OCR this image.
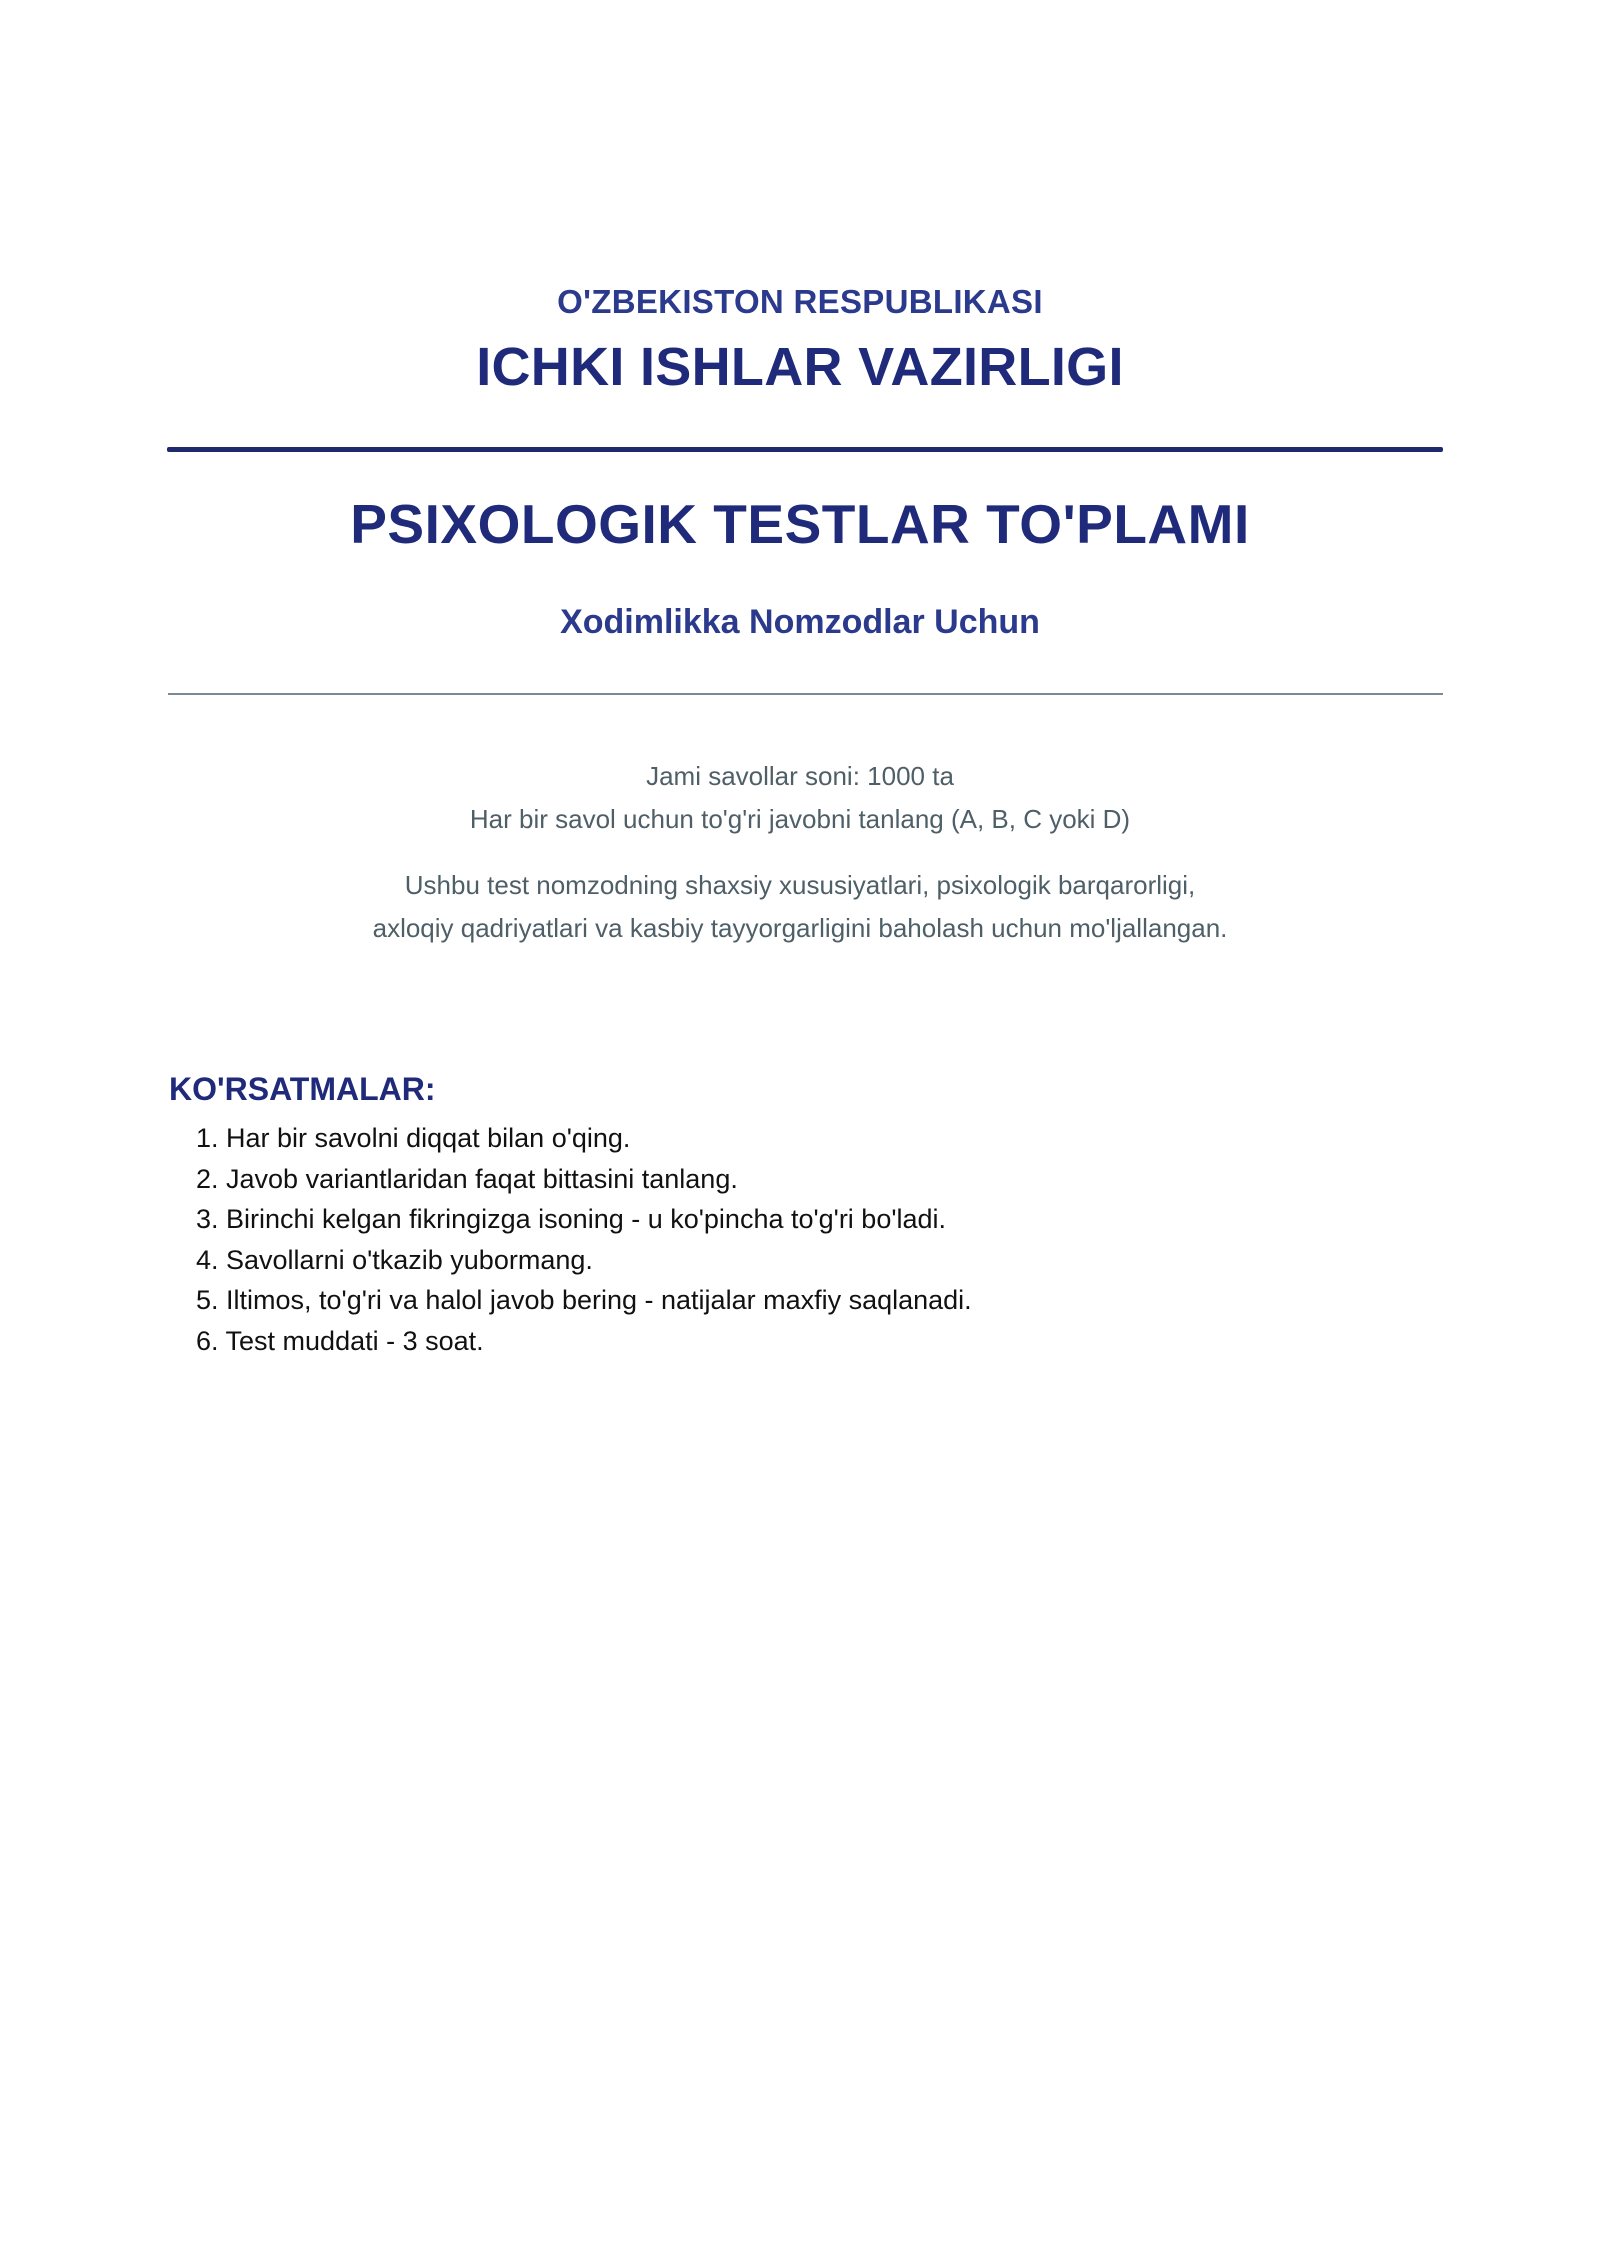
O'ZBEKISTON RESPUBLIKASI
ICHKI ISHLAR VAZIRLIGI
PSIXOLOGIK TESTLAR TO'PLAMI
Xodimlikka Nomzodlar Uchun
Jami savollar soni: 1000 ta
Har bir savol uchun to'g'ri javobni tanlang (A, B, C yoki D)
Ushbu test nomzodning shaxsiy xususiyatlari, psixologik barqarorligi,
axloqiy qadriyatlari va kasbiy tayyorgarligini baholash uchun mo'ljallangan.
KO'RSATMALAR:
1. Har bir savolni diqqat bilan o'qing.
2. Javob variantlaridan faqat bittasini tanlang.
3. Birinchi kelgan fikringizga isoning - u ko'pincha to'g'ri bo'ladi.
4. Savollarni o'tkazib yubormang.
5. Iltimos, to'g'ri va halol javob bering - natijalar maxfiy saqlanadi.
6. Test muddati - 3 soat.
